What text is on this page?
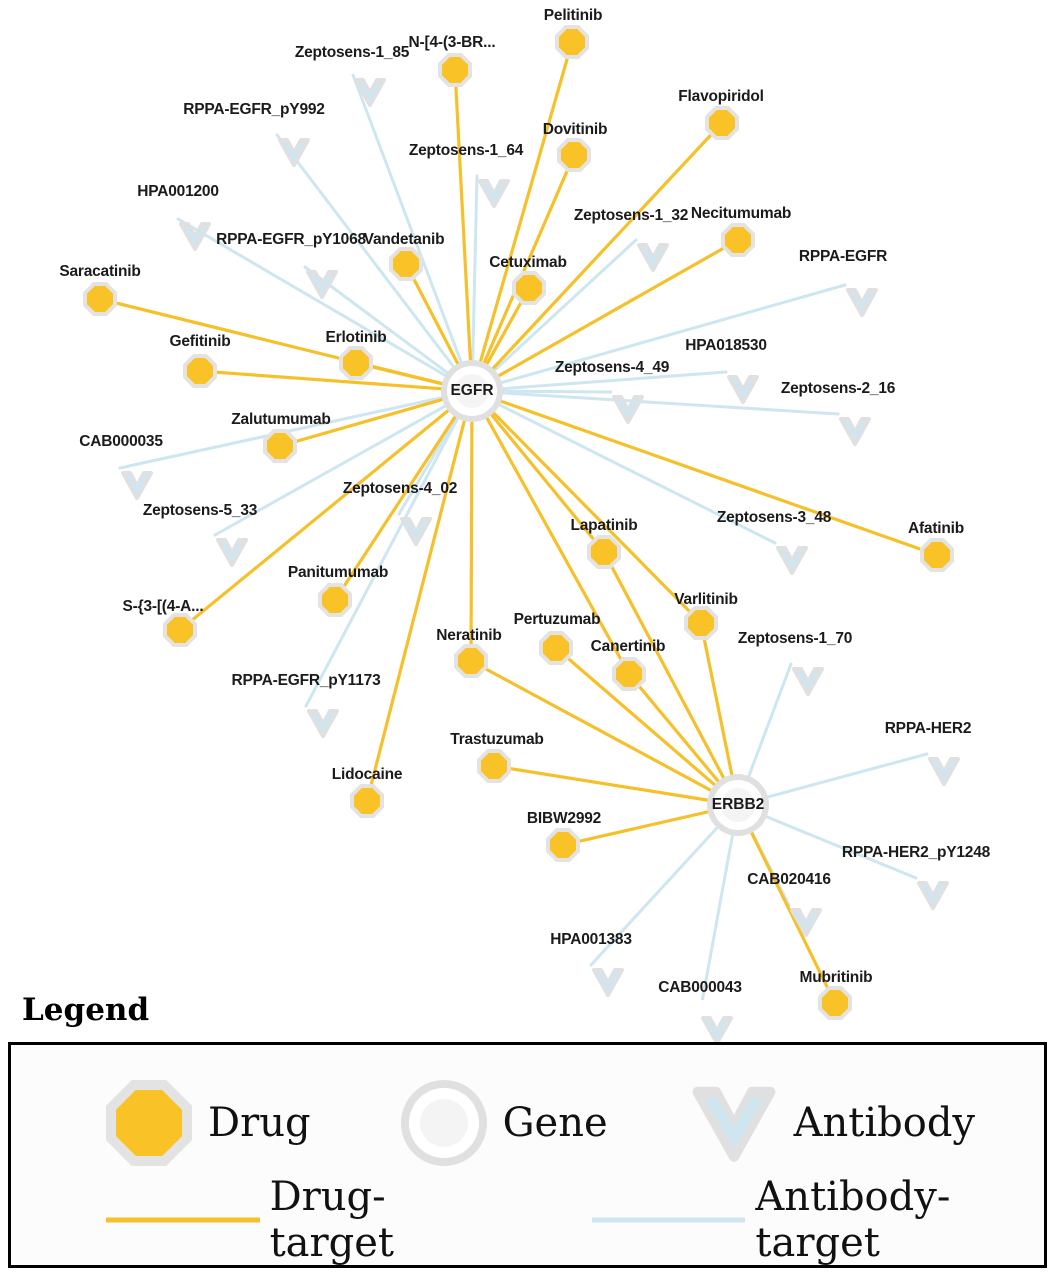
Pelitinib
N-[4-(3-BR...
Flavopiridol
Dovitinib
Necitumumab
Vandetanib
Cetuximab
Saracatinib
Erlotinib
Gefitinib
Zalutumumab
Afatinib
Lapatinib
Varlitinib
Panitumumab
S-{3-[(4-A...
Pertuzumab
Neratinib
Canertinib
Trastuzumab
Lidocaine
BIBW2992
Mubritinib
Zeptosens-1_85
RPPA-EGFR_pY992
Zeptosens-1_64
HPA001200
Zeptosens-1_32
RPPA-EGFR_pY1068
RPPA-EGFR
HPA018530
Zeptosens-4_49
Zeptosens-2_16
CAB000035
Zeptosens-4_02
Zeptosens-5_33	Zeptosens-3_48
Zeptosens-1_70
RPPA-EGFR_pY1173
RPPA-HER2
RPPA-HER2_pY1248
CAB020416
HPA001383
CAB000043
EGFR
ERBB2
Legend
Drug	Gene	Antibody
Drug-target
Antibody-target
